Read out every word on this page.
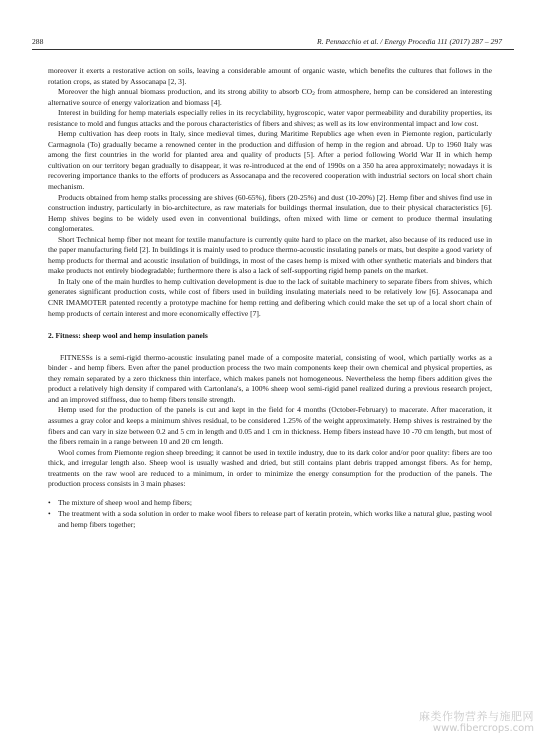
288	R. Pennacchio et al. / Energy Procedia 111 (2017) 287 – 297

moreover it exerts a restorative action on soils, leaving a considerable amount of organic waste, which benefits the cultures that follows in the rotation crops, as stated by Assocanapa [2, 3].

Moreover the high annual biomass production, and its strong ability to absorb $CO_2$ from atmosphere, hemp can be considered an interesting alternative source of energy valorization and biomass [4].

Interest in building for hemp materials especially relies in its recyclability, hygroscopic, water vapor permeability and durability properties, its resistance to mold and fungus attacks and the porous characteristics of fibers and shives; as well as its low environmental impact and low cost.

Hemp cultivation has deep roots in Italy, since medieval times, during Maritime Republics age when even in Piemonte region, particularly Carmagnola (To) gradually became a renowned center in the production and diffusion of hemp in the region and abroad. Up to 1960 Italy was among the first countries in the world for planted area and quality of products [5]. After a period following World War II in which hemp cultivation on our territory began gradually to disappear, it was re-introduced at the end of 1990s on a 350 ha area approximately; nowadays it is recovering importance thanks to the efforts of producers as Assocanapa and the recovered cooperation with industrial sectors on local short chain mechanism.

Products obtained from hemp stalks processing are shives (60-65%), fibers (20-25%) and dust (10-20%) [2]. Hemp fiber and shives find use in construction industry, particularly in bio-architecture, as raw materials for buildings thermal insulation, due to their physical characteristics [6]. Hemp shives begins to be widely used even in conventional buildings, often mixed with lime or cement to produce thermal insulating conglomerates.

Short Technical hemp fiber not meant for textile manufacture is currently quite hard to place on the market, also because of its reduced use in the paper manufacturing field [2]. In buildings it is mainly used to produce thermo-acoustic insulating panels or mats, but despite a good variety of hemp products for thermal and acoustic insulation of buildings, in most of the cases hemp is mixed with other synthetic materials and binders that make products not entirely biodegradable; furthermore there is also a lack of self-supporting rigid hemp panels on the market.

In Italy one of the main hurdles to hemp cultivation development is due to the lack of suitable machinery to separate fibers from shives, which generates significant production costs, while cost of fibers used in building insulating materials need to be relatively low [6]. Assocanapa and CNR IMAMOTER patented recently a prototype machine for hemp retting and defibering which could make the set up of a local short chain of hemp products of certain interest and more economically effective [7].

2. Fitness: sheep wool and hemp insulation panels

FITNESSs is a semi-rigid thermo-acoustic insulating panel made of a composite material, consisting of wool, which partially works as a binder - and hemp fibers. Even after the panel production process the two main components keep their own chemical and physical properties, as they remain separated by a zero thickness thin interface, which makes panels not homogeneous. Nevertheless the hemp fibers addition gives the product a relatively high density if compared with Cartonlana's, a 100% sheep wool semi-rigid panel realized during a previous research project, and an improved stiffness, due to hemp fibers tensile strength.

Hemp used for the production of the panels is cut and kept in the field for 4 months (October-February) to macerate. After maceration, it assumes a gray color and keeps a minimum shives residual, to be considered 1.25% of the weight approximately. Hemp shives is restrained by the fibers and can vary in size between 0.2 and 5 cm in length and 0.05 and 1 cm in thickness. Hemp fibers instead have 10 -70 cm length, but most of the fibers remain in a range between 10 and 20 cm length.

Wool comes from Piemonte region sheep breeding; it cannot be used in textile industry, due to its dark color and/or poor quality: fibers are too thick, and irregular length also. Sheep wool is usually washed and dried, but still contains plant debris trapped amongst fibers. As for hemp, treatments on the raw wool are reduced to a minimum, in order to minimize the energy consumption for the production of the panels. The production process consists in 3 main phases:

• The mixture of sheep wool and hemp fibers;
• The treatment with a soda solution in order to make wool fibers to release part of keratin protein, which works like a natural glue, pasting wool and hemp fibers together;
麻类作物营养与施肥网
www.fibercrops.com
